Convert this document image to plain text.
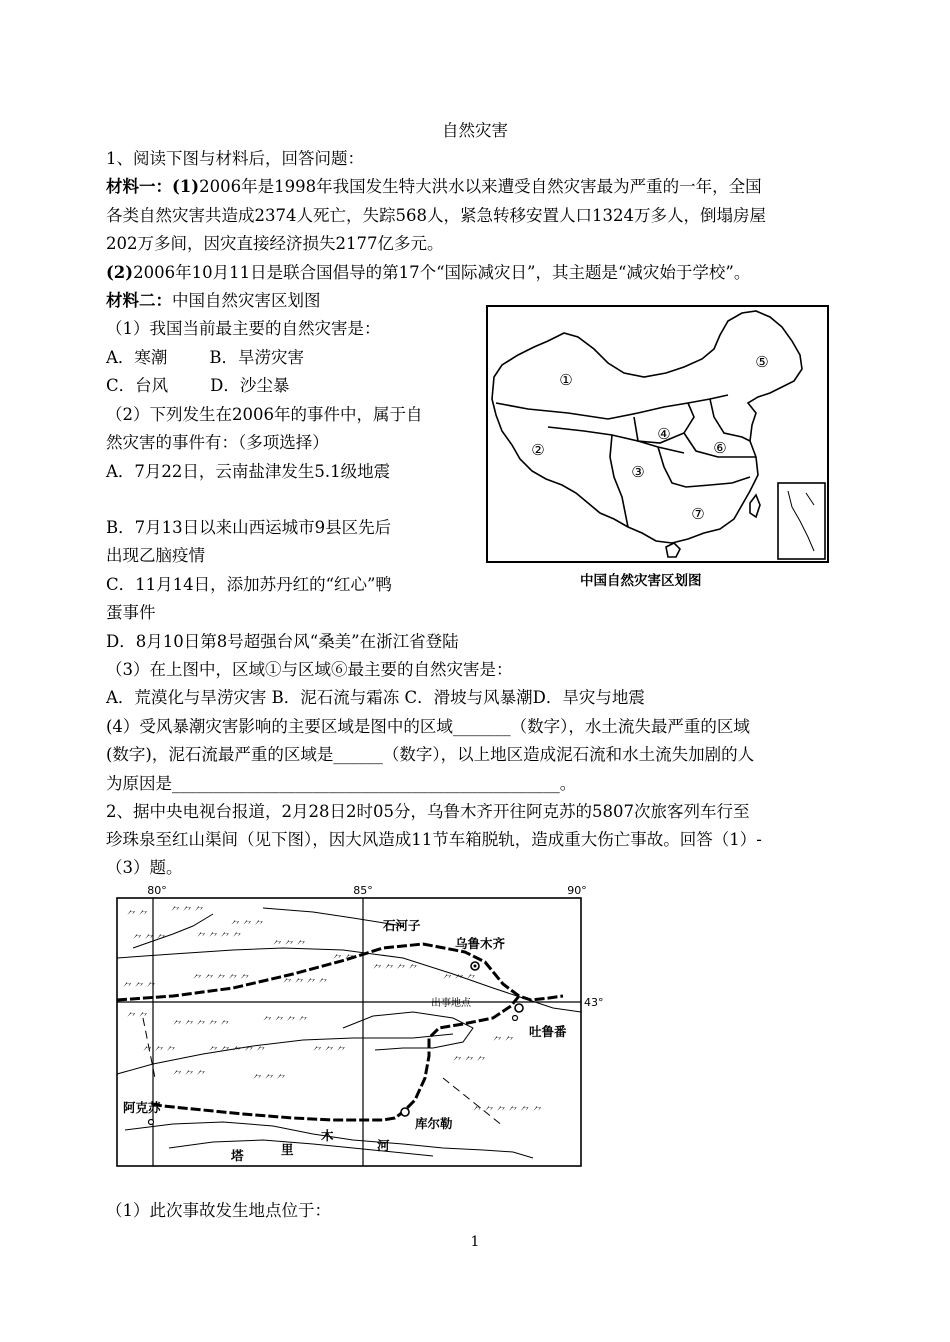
自然灾害
1、阅读下图与材料后，回答问题：
材料一：(1)2006年是1998年我国发生特大洪水以来遭受自然灾害最为严重的一年，全国
各类自然灾害共造成2374人死亡，失踪568人，紧急转移安置人口1324万多人，倒塌房屋
202万多间，因灾直接经济损失2177亿多元。
(2)2006年10月11日是联合国倡导的第17个“国际减灾日”，其主题是“减灾始于学校”。
材料二：中国自然灾害区划图
（1）我国当前最主要的自然灾害是：
A．寒潮        B．旱涝灾害
C．台风        D．沙尘暴
（2）下列发生在2006年的事件中，属于自
然灾害的事件有：（多项选择）
A．7月22日，云南盐津发生5.1级地震
B．7月13日以来山西运城市9县区先后
出现乙脑疫情
C．11月14日，添加苏丹红的“红心”鸭
蛋事件
D．8月10日第8号超强台风“桑美”在浙江省登陆
（3）在上图中，区域①与区域⑥最主要的自然灾害是：
A．荒漠化与旱涝灾害 B．泥石流与霜冻 C．滑坡与风暴潮D．旱灾与地震
(4）受风暴潮灾害影响的主要区域是图中的区域_______（数字），水土流失最严重的区域
(数字)，泥石流最严重的区域是______（数字），以上地区造成泥石流和水土流失加剧的人
为原因是_______________________________________________。
①
②
③
④
⑤
⑥
⑦
中国自然灾害区划图
2、据中央电视台报道，2月28日2时05分，乌鲁木齐开往阿克苏的5807次旅客列车行至
珍珠泉至红山渠间（见下图），因大风造成11节车箱脱轨，造成重大伤亡事故。回答（1）-
（3）题。
80°	85°	90°
43°
⺈ ⺈	⺈ ⺈ ⺈
⺈ ⺈ ⺈
⺈ ⺈ ⺈	⺈ ⺈ ⺈ ⺈
⺈ ⺈ ⺈
⺈ ⺈
⺈ ⺈ ⺈ ⺈
⺈ ⺈ ⺈
⺈ ⺈ ⺈
⺈ ⺈ ⺈ ⺈ ⺈	⺈ ⺈ ⺈ ⺈
⺈ ⺈
⺈ ⺈ ⺈ ⺈ ⺈	⺈ ⺈ ⺈ ⺈
⺈ ⺈ ⺈	⺈ ⺈ ⺈ ⺈ ⺈	⺈ ⺈ ⺈
⺈ ⺈ ⺈	⺈ ⺈ ⺈
⺈ ⺈ ⺈
⺈ ⺈ ⺈ ⺈ ⺈ ⺈
⺈ ⺈
石河子
乌鲁木齐
吐鲁番
阿克苏
库尔勒
塔	里
木
河
出事地点
（1）此次事故发生地点位于：
1
